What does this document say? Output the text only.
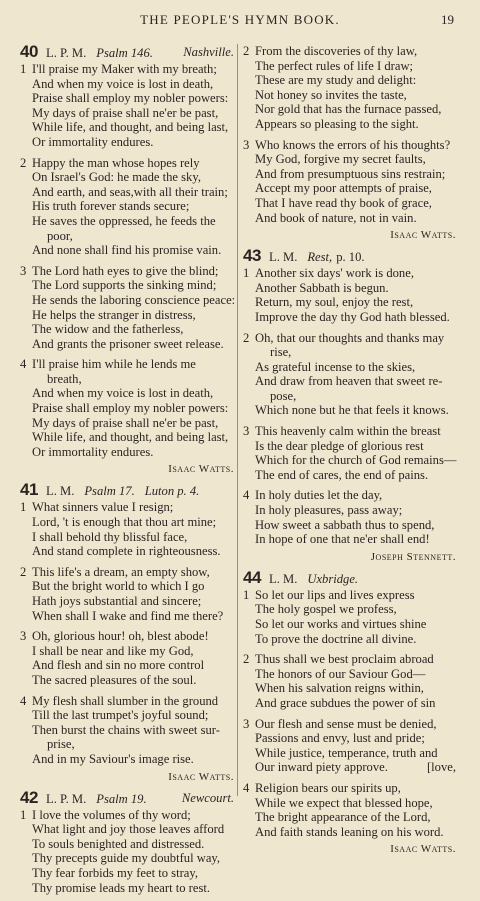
THE PEOPLE'S HYMN BOOK.	19
40 L. P. M. Psalm 146. Nashville.
1 I'll praise my Maker with my breath;
And when my voice is lost in death,
Praise shall employ my nobler powers:
My days of praise shall ne'er be past,
While life, and thought, and being last,
Or immortality endures.
2 Happy the man whose hopes rely
On Israel's God: he made the sky,
And earth, and seas,with all their train;
His truth forever stands secure;
He saves the oppressed, he feeds the
poor,
And none shall find his promise vain.
3 The Lord hath eyes to give the blind;
The Lord supports the sinking mind;
He sends the laboring conscience peace:
He helps the stranger in distress,
The widow and the fatherless,
And grants the prisoner sweet release.
4 I'll praise him while he lends me
breath,
And when my voice is lost in death,
Praise shall employ my nobler powers:
My days of praise shall ne'er be past,
While life, and thought, and being last,
Or immortality endures.
Isaac Watts.
41 L. M. Psalm 17. Luton p. 4.
1 What sinners value I resign;
Lord, 't is enough that thou art mine;
I shall behold thy blissful face,
And stand complete in righteousness.
2 This life's a dream, an empty show,
But the bright world to which I go
Hath joys substantial and sincere;
When shall I wake and find me there?
3 Oh, glorious hour! oh, blest abode!
I shall be near and like my God,
And flesh and sin no more control
The sacred pleasures of the soul.
4 My flesh shall slumber in the ground
Till the last trumpet's joyful sound;
Then burst the chains with sweet sur-
prise,
And in my Saviour's image rise.
Isaac Watts.
42 L. P. M. Psalm 19.	Newcourt.
1 I love the volumes of thy word;
What light and joy those leaves afford
To souls benighted and distressed.
Thy precepts guide my doubtful way,
Thy fear forbids my feet to stray,
Thy promise leads my heart to rest.
2 From the discoveries of thy law,
The perfect rules of life I draw;
These are my study and delight:
Not honey so invites the taste,
Nor gold that has the furnace passed,
Appears so pleasing to the sight.
3 Who knows the errors of his thoughts?
My God, forgive my secret faults,
And from presumptuous sins restrain;
Accept my poor attempts of praise,
That I have read thy book of grace,
And book of nature, not in vain.
Isaac Watts.
43 L. M. Rest, p. 10.
1 Another six days' work is done,
Another Sabbath is begun.
Return, my soul, enjoy the rest,
Improve the day thy God hath blessed.
2 Oh, that our thoughts and thanks may
rise,
As grateful incense to the skies,
And draw from heaven that sweet re-
pose,
Which none but he that feels it knows.
3 This heavenly calm within the breast
Is the dear pledge of glorious rest
Which for the church of God remains—
The end of cares, the end of pains.
4 In holy duties let the day,
In holy pleasures, pass away;
How sweet a sabbath thus to spend,
In hope of one that ne'er shall end!
Joseph Stennett.
44 L. M. Uxbridge.
1 So let our lips and lives express
The holy gospel we profess,
So let our works and virtues shine
To prove the doctrine all divine.
2 Thus shall we best proclaim abroad
The honors of our Saviour God—
When his salvation reigns within,
And grace subdues the power of sin
3 Our flesh and sense must be denied,
Passions and envy, lust and pride;
While justice, temperance, truth and
Our inward piety approve.	[love,
4 Religion bears our spirits up,
While we expect that blessed hope,
The bright appearance of the Lord,
And faith stands leaning on his word.
Isaac Watts.
